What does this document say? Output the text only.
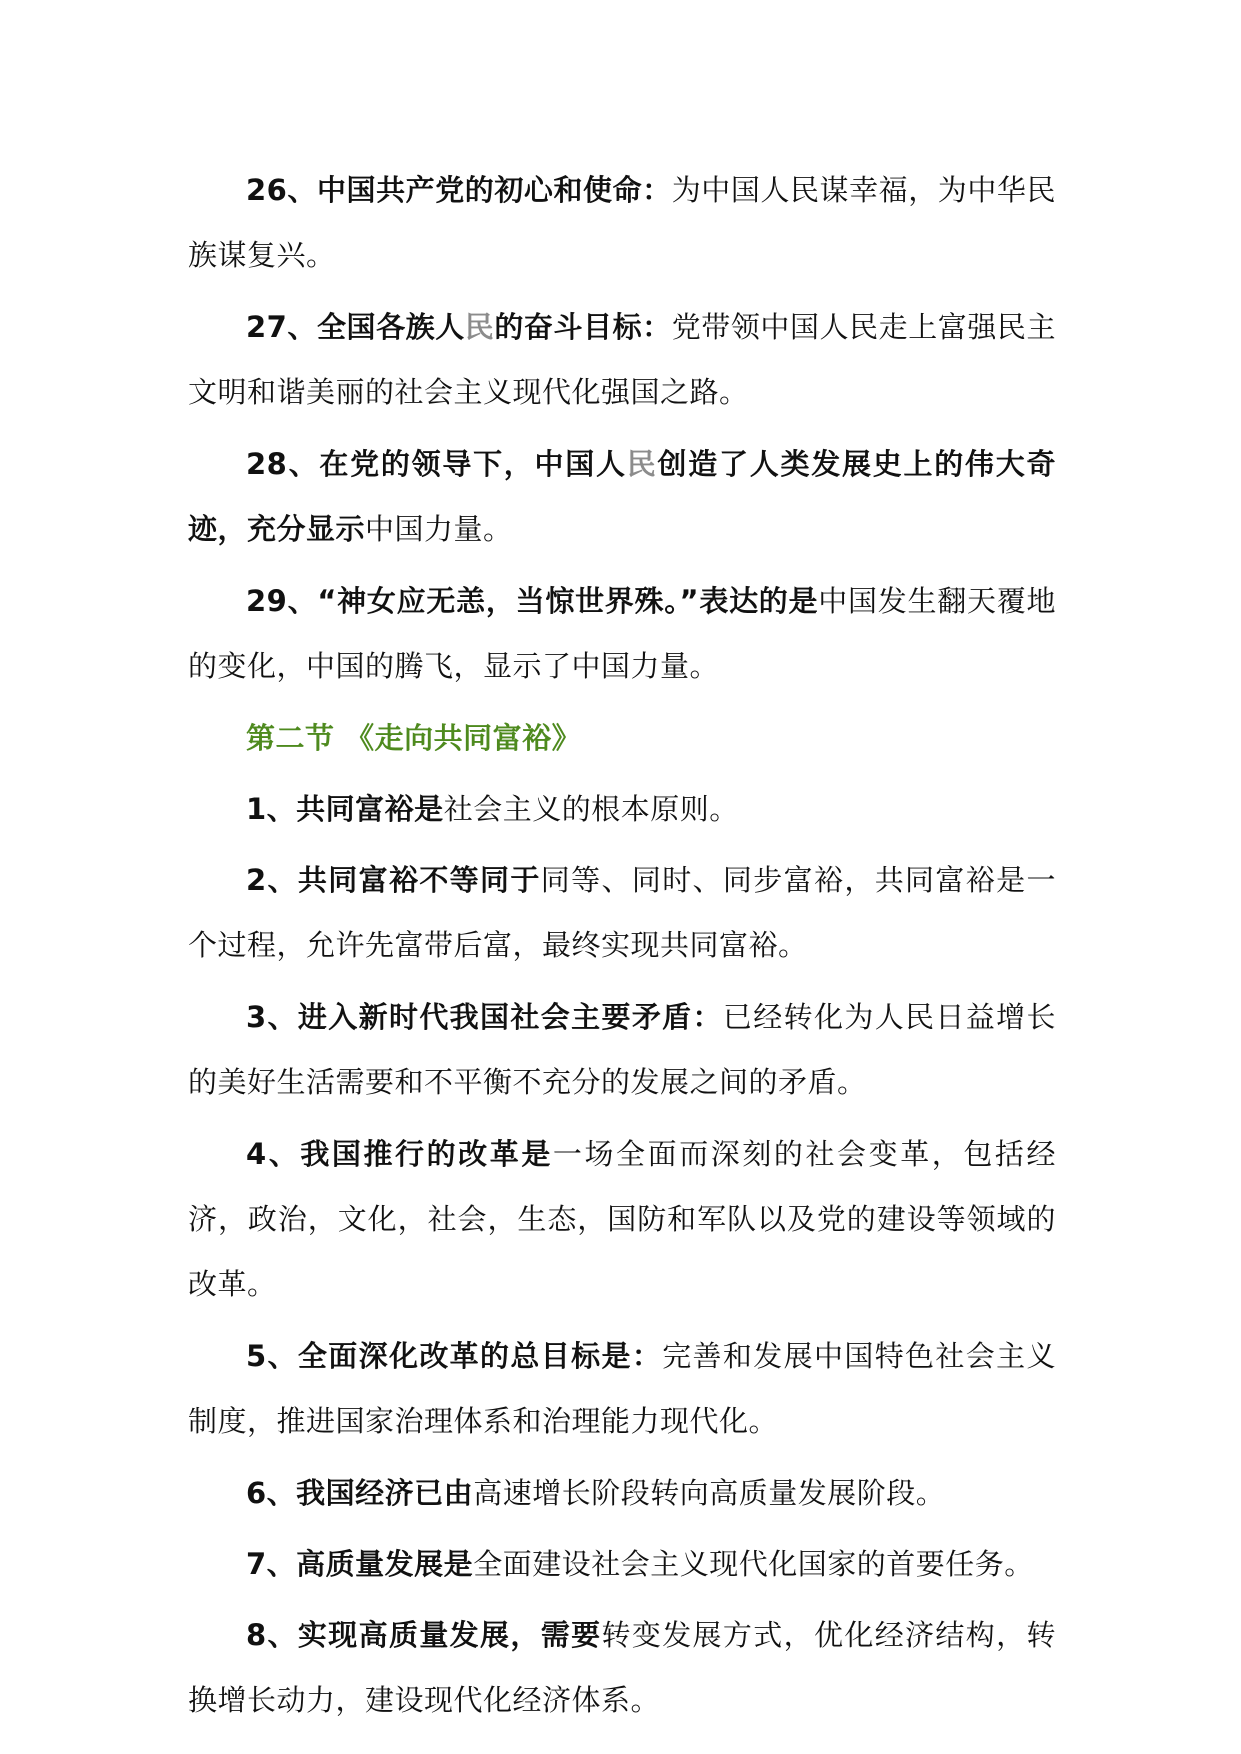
26、中国共产党的初心和使命：为中国人民谋幸福，为中华民族谋复兴。

27、全国各族人民的奋斗目标：党带领中国人民走上富强民主文明和谐美丽的社会主义现代化强国之路。

28、在党的领导下，中国人民创造了人类发展史上的伟大奇迹，充分显示中国力量。

29、“神女应无恙，当惊世界殊。”表达的是中国发生翻天覆地的变化，中国的腾飞，显示了中国力量。

第二节 《走向共同富裕》

1、共同富裕是社会主义的根本原则。

2、共同富裕不等同于同等、同时、同步富裕，共同富裕是一个过程，允许先富带后富，最终实现共同富裕。

3、进入新时代我国社会主要矛盾：已经转化为人民日益增长的美好生活需要和不平衡不充分的发展之间的矛盾。

4、我国推行的改革是一场全面而深刻的社会变革，包括经济，政治，文化，社会，生态，国防和军队以及党的建设等领域的改革。

5、全面深化改革的总目标是：完善和发展中国特色社会主义制度，推进国家治理体系和治理能力现代化。

6、我国经济已由高速增长阶段转向高质量发展阶段。

7、高质量发展是全面建设社会主义现代化国家的首要任务。

8、实现高质量发展，需要转变发展方式，优化经济结构，转换增长动力，建设现代化经济体系。
